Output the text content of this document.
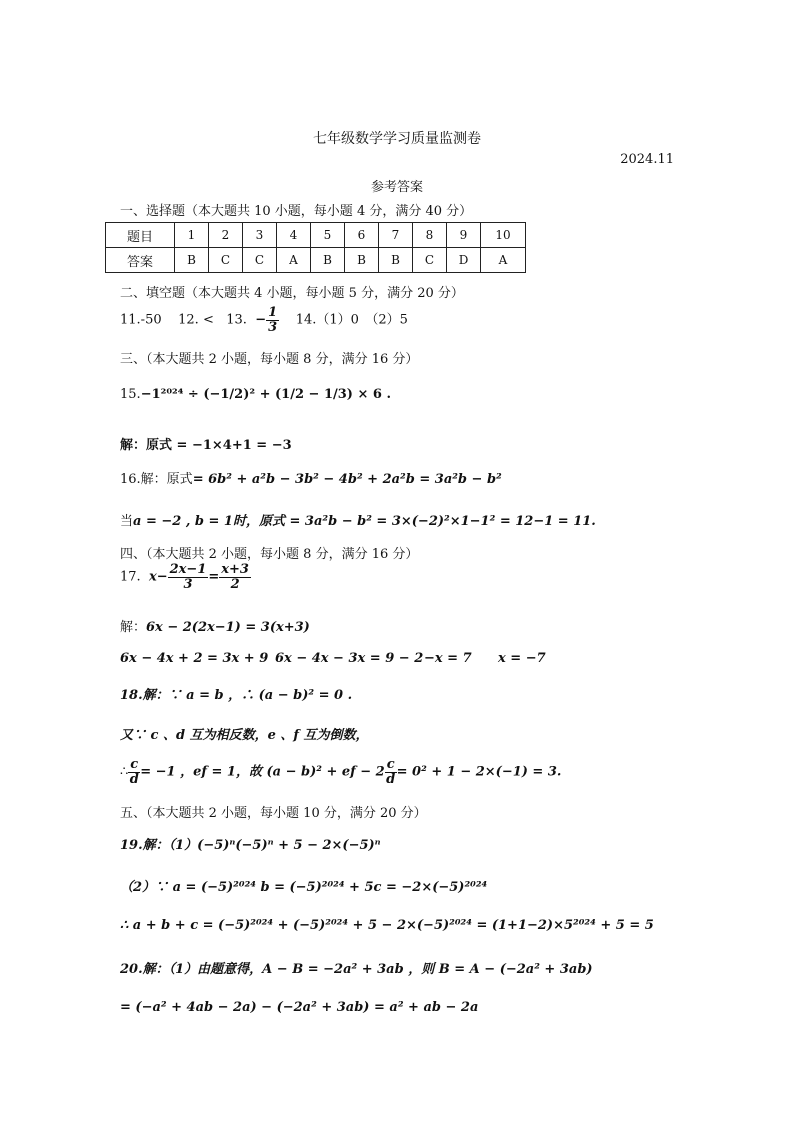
七年级数学学习质量监测卷
2024.11
参考答案
一、选择题（本大题共 10 小题，每小题 4 分，满分 40 分）
题目	1	2	3	4	5	6	7	8	9	10
答案	B	C	C	A	B	B	B	C	D	A
二、填空题（本大题共 4 小题，每小题 5 分，满分 20 分）
11.-50 12. < 13. − $\frac{1}{3} 14.(1)0$　（2）5
三、（本大题共 2 小题，每小题 8 分，满分 16 分）
15.−1²⁰²⁴ ÷ (−1/2)² + (1/2 − 1/3) × 6 .
解：原式 = −1×4+1 = −3
16.解：原式= 6b² + a²b − 3b² − 4b² + 2a²b = 3a²b − b²
当a = −2 , b = 1时，原式 = 3a²b − b² = 3×(−2)²×1−1² = 12−1 = 11.
四、（本大题共 2 小题，每小题 8 分，满分 16 分）
17. $x- \frac{2x-1}{3} = \frac{x+3}{2}$
解：6x − 2(2x−1) = 3(x+3)
6x − 4x + 2 = 3x + 9 6x − 4x − 3x = 9 − 2 −x = 7 x = −7
18.解：∵ a = b ，∴ (a − b)² = 0 .
又∵ c 、d 互为相反数，e 、f 互为倒数，
∴ $\frac{c}{d} = -1$ ，ef = 1，故 (a − b)² + ef − $2 \frac{c}{d} = 0^2 + 1 - 2\times(-1) = 3$.
五、（本大题共 2 小题，每小题 10 分，满分 20 分）
19.解：（1）(−5)ⁿ(−5)ⁿ + 5 − 2×(−5)ⁿ
（2）∵ a = (−5)²⁰²⁴ b = (−5)²⁰²⁴ + 5c = −2×(−5)²⁰²⁴
∴ a + b + c = (−5)²⁰²⁴ + (−5)²⁰²⁴ + 5 − 2×(−5)²⁰²⁴ = (1+1−2)×5²⁰²⁴ + 5 = 5
20.解：（1）由题意得，A − B = −2a² + 3ab ，则 B = A − (−2a² + 3ab)
= (−a² + 4ab − 2a) − (−2a² + 3ab) = a² + ab − 2a
